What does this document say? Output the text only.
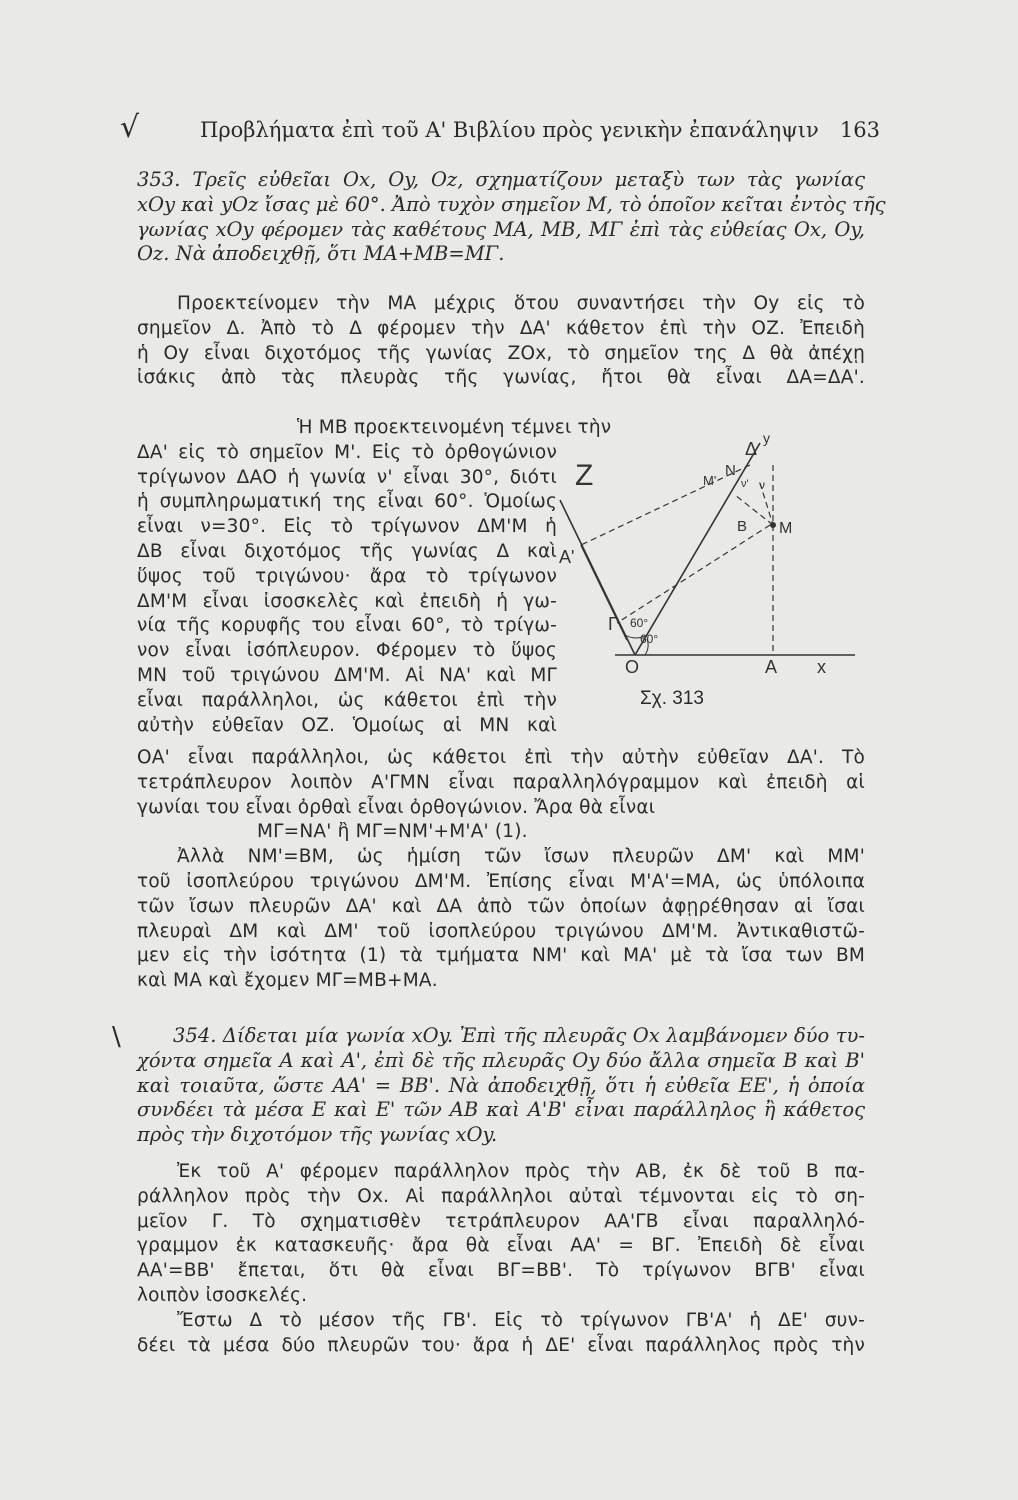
√	Προβλήματα ἐπὶ τοῦ Α' Βιβλίου πρὸς γενικὴν ἐπανάληψιν 163
353. Τρεῖς εὐθεῖαι Ox, Oy, Oz, σχηματίζουν μεταξὺ των τὰς γωνίας
xOy καὶ yOz ἴσας μὲ 60°. Ἀπὸ τυχὸν σημεῖον M, τὸ ὁποῖον κεῖται ἐντὸς τῆς
γωνίας xOy φέρομεν τὰς καθέτους MA, MB, MΓ ἐπὶ τὰς εὐθείας Ox, Oy,
Oz. Νὰ ἀποδειχθῇ, ὅτι MA+MB=MΓ.
Προεκτείνομεν τὴν ΜΑ μέχρις ὅτου συναντήσει τὴν Oy εἰς τὸ
σημεῖον Δ. Ἀπὸ τὸ Δ φέρομεν τὴν ΔΑ' κάθετον ἐπὶ τὴν ΟΖ. Ἐπειδὴ
ἡ Oy εἶναι διχοτόμος τῆς γωνίας ΖΟx, τὸ σημεῖον της Δ θὰ ἀπέχῃ
ἰσάκις ἀπὸ τὰς πλευρὰς τῆς γωνίας, ἤτοι θὰ εἶναι ΔΑ=ΔΑ'.
Ἡ ΜΒ προεκτεινομένη τέμνει τὴν
ΔΑ' εἰς τὸ σημεῖον Μ'. Εἰς τὸ ὀρθογώνιον
τρίγωνον ΔΑΟ ἡ γωνία ν' εἶναι 30°, διότι
ἡ συμπληρωματική της εἶναι 60°. Ὁμοίως
εἶναι ν=30°. Εἰς τὸ τρίγωνον ΔΜ'Μ ἡ
ΔΒ εἶναι διχοτόμος τῆς γωνίας Δ καὶ
ὕψος τοῦ τριγώνου· ἄρα τὸ τρίγωνον
ΔΜ'Μ εἶναι ἰσοσκελὲς καὶ ἐπειδὴ ἡ γω-
νία τῆς κορυφῆς του εἶναι 60°, τὸ τρίγω-
νον εἶναι ἰσόπλευρον. Φέρομεν τὸ ὕψος
ΜΝ τοῦ τριγώνου ΔΜ'Μ. Αἱ ΝΑ' καὶ ΜΓ
εἶναι παράλληλοι, ὡς κάθετοι ἐπὶ τὴν
αὐτὴν εὐθεῖαν ΟΖ. Ὁμοίως αἱ ΜΝ καὶ
Z
A'
Γ
O	A x
Δ
y
N
M'
B M
ν
ν'
60°
60°
Σχ. 313
ΟΑ' εἶναι παράλληλοι, ὡς κάθετοι ἐπὶ τὴν αὐτὴν εὐθεῖαν ΔΑ'. Τὸ
τετράπλευρον λοιπὸν Α'ΓΜΝ εἶναι παραλληλόγραμμον καὶ ἐπειδὴ αἱ
γωνίαι του εἶναι ὀρθαὶ εἶναι ὀρθογώνιον. Ἄρα θὰ εἶναι
ΜΓ=ΝΑ' ἢ ΜΓ=ΝΜ'+Μ'Α' (1).
Ἀλλὰ ΝΜ'=ΒΜ, ὡς ἡμίση τῶν ἴσων πλευρῶν ΔΜ' καὶ ΜΜ'
τοῦ ἰσοπλεύρου τριγώνου ΔΜ'Μ. Ἐπίσης εἶναι Μ'Α'=ΜΑ, ὡς ὑπόλοιπα
τῶν ἴσων πλευρῶν ΔΑ' καὶ ΔΑ ἀπὸ τῶν ὁποίων ἀφῃρέθησαν αἱ ἴσαι
πλευραὶ ΔΜ καὶ ΔΜ' τοῦ ἰσοπλεύρου τριγώνου ΔΜ'Μ. Ἀντικαθιστῶ-
μεν εἰς τὴν ἰσότητα (1) τὰ τμήματα ΝΜ' καὶ ΜΑ' μὲ τὰ ἴσα των ΒΜ
καὶ ΜΑ καὶ ἔχομεν ΜΓ=ΜΒ+ΜΑ.
\	354. Δίδεται μία γωνία xOy. Ἐπὶ τῆς πλευρᾶς Ox λαμβάνομεν δύο τυ-
χόντα σημεῖα A καὶ A', ἐπὶ δὲ τῆς πλευρᾶς Oy δύο ἄλλα σημεῖα B καὶ B'
καὶ τοιαῦτα, ὥστε AA' = BB'. Νὰ ἀποδειχθῇ, ὅτι ἡ εὐθεῖα EE', ἡ ὁποία
συνδέει τὰ μέσα E καὶ E' τῶν AB καὶ A'B' εἶναι παράλληλος ἢ κάθετος
πρὸς τὴν διχοτόμον τῆς γωνίας xOy.
Ἐκ τοῦ Α' φέρομεν παράλληλον πρὸς τὴν ΑΒ, ἐκ δὲ τοῦ Β πα-
ράλληλον πρὸς τὴν Οx. Αἱ παράλληλοι αὐταὶ τέμνονται εἰς τὸ ση-
μεῖον Γ. Τὸ σχηματισθὲν τετράπλευρον ΑΑ'ΓΒ εἶναι παραλληλό-
γραμμον ἐκ κατασκευῆς· ἄρα θὰ εἶναι ΑΑ' = ΒΓ. Ἐπειδὴ δὲ εἶναι
ΑΑ'=ΒΒ' ἔπεται, ὅτι θὰ εἶναι ΒΓ=ΒΒ'. Τὸ τρίγωνον ΒΓΒ' εἶναι
λοιπὸν ἰσοσκελές.
Ἔστω Δ τὸ μέσον τῆς ΓΒ'. Εἰς τὸ τρίγωνον ΓΒ'Α' ἡ ΔΕ' συν-
δέει τὰ μέσα δύο πλευρῶν του· ἄρα ἡ ΔΕ' εἶναι παράλληλος πρὸς τὴν
